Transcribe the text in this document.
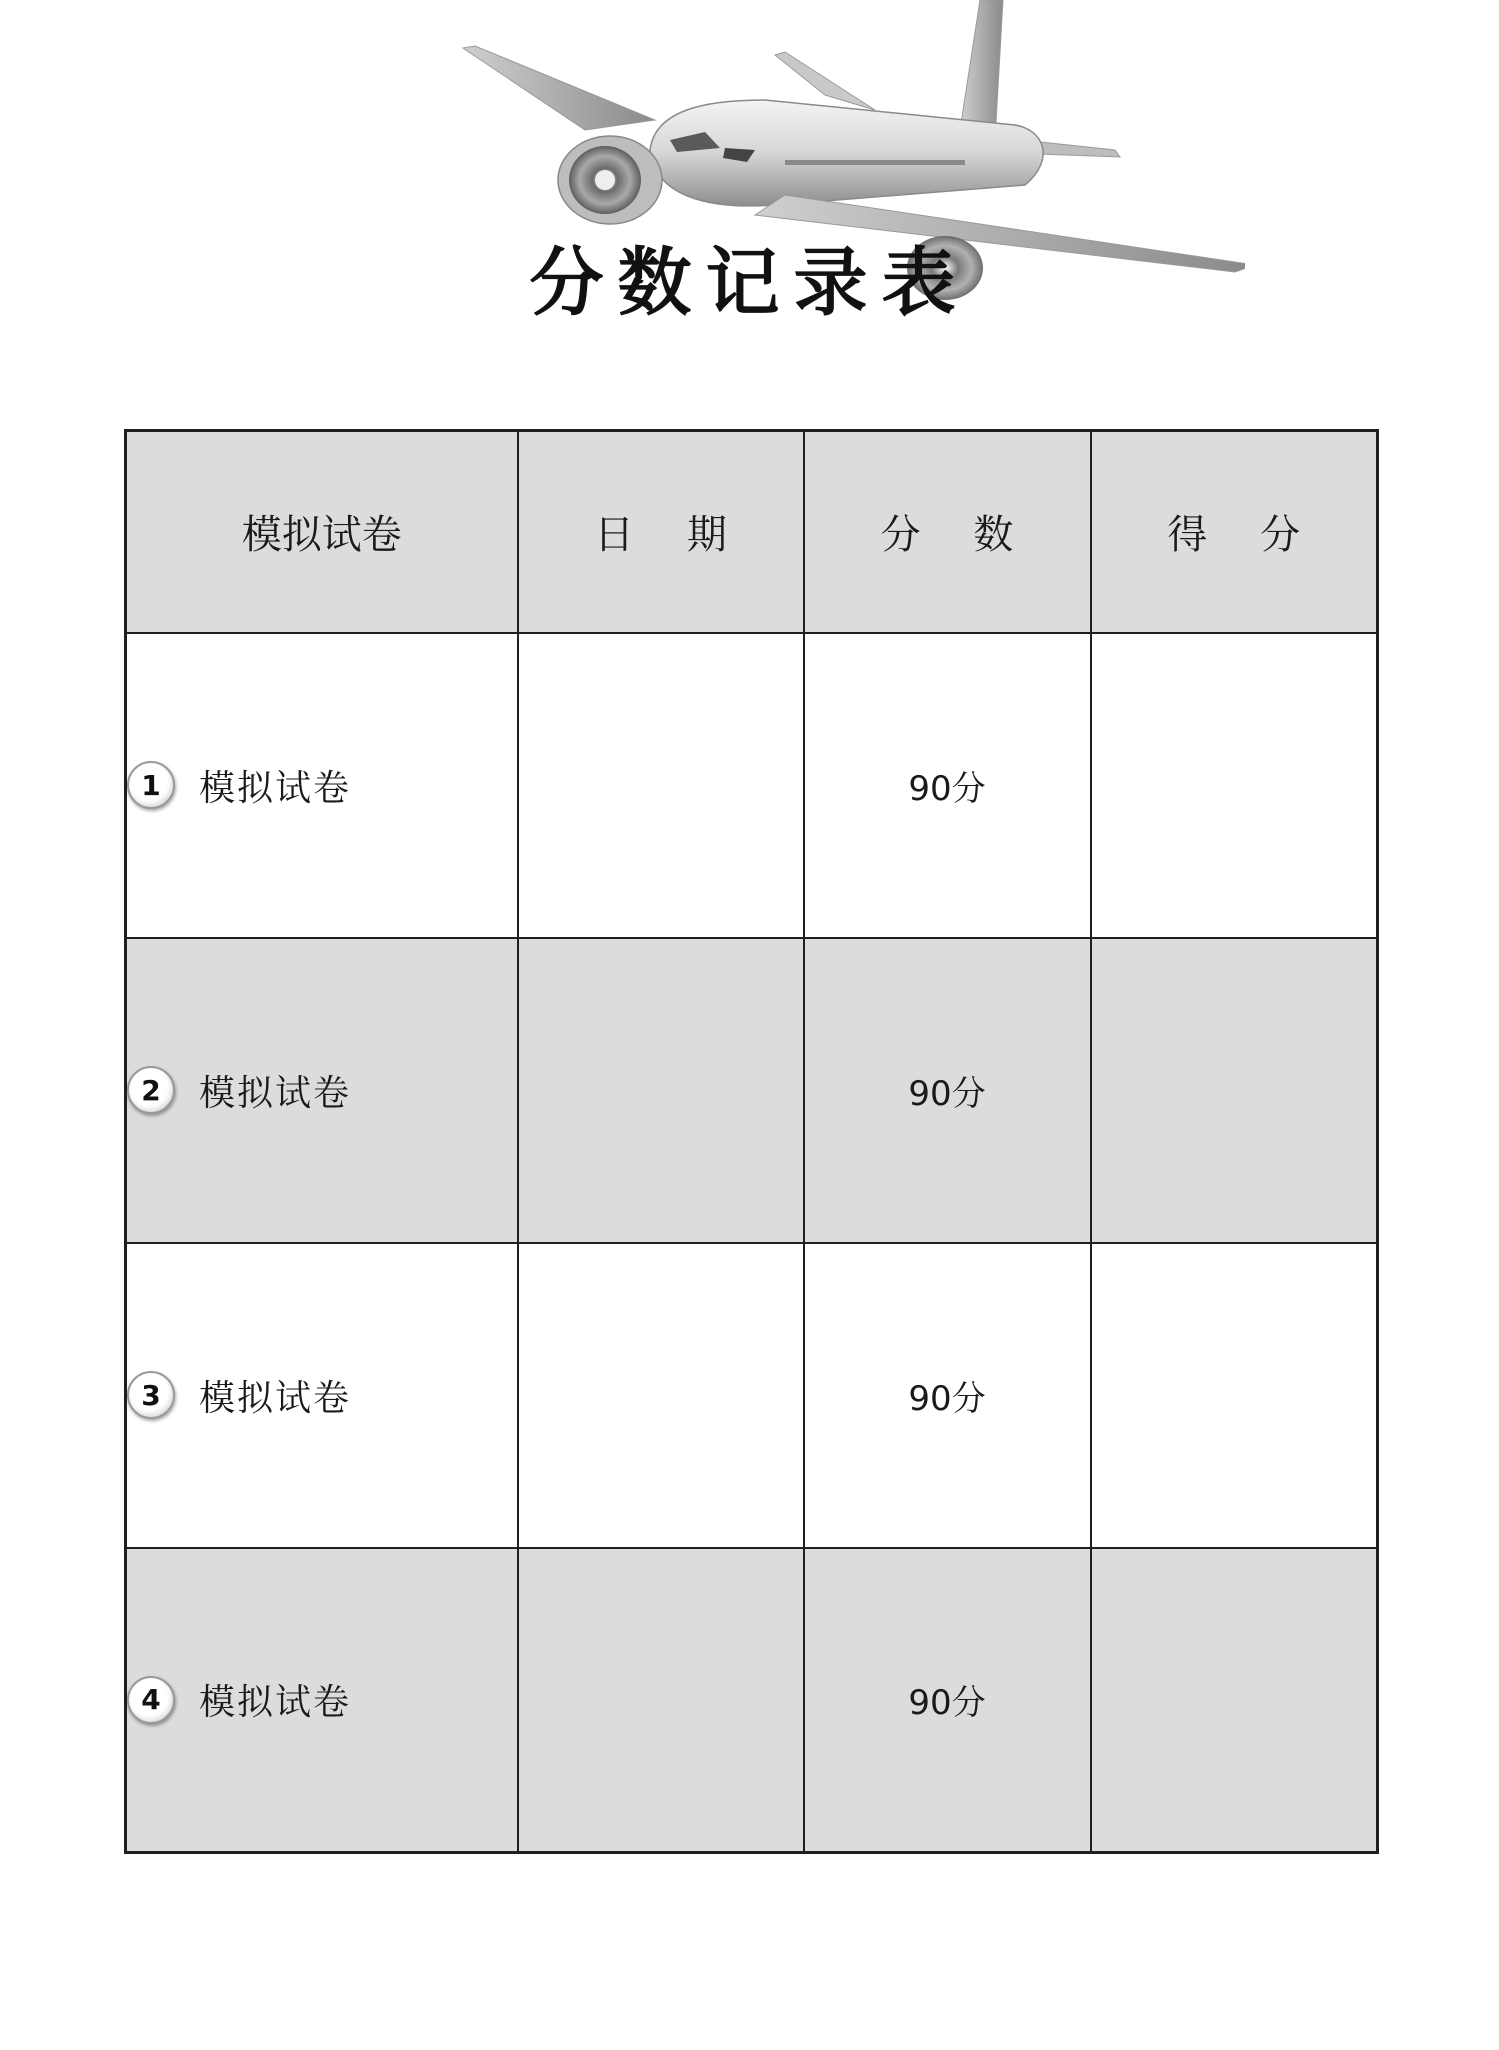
分数记录表
模拟试卷	日 期	分 数	得 分

1 模拟试卷		90分	

2 模拟试卷		90分	

3 模拟试卷		90分	

4 模拟试卷		90分	
